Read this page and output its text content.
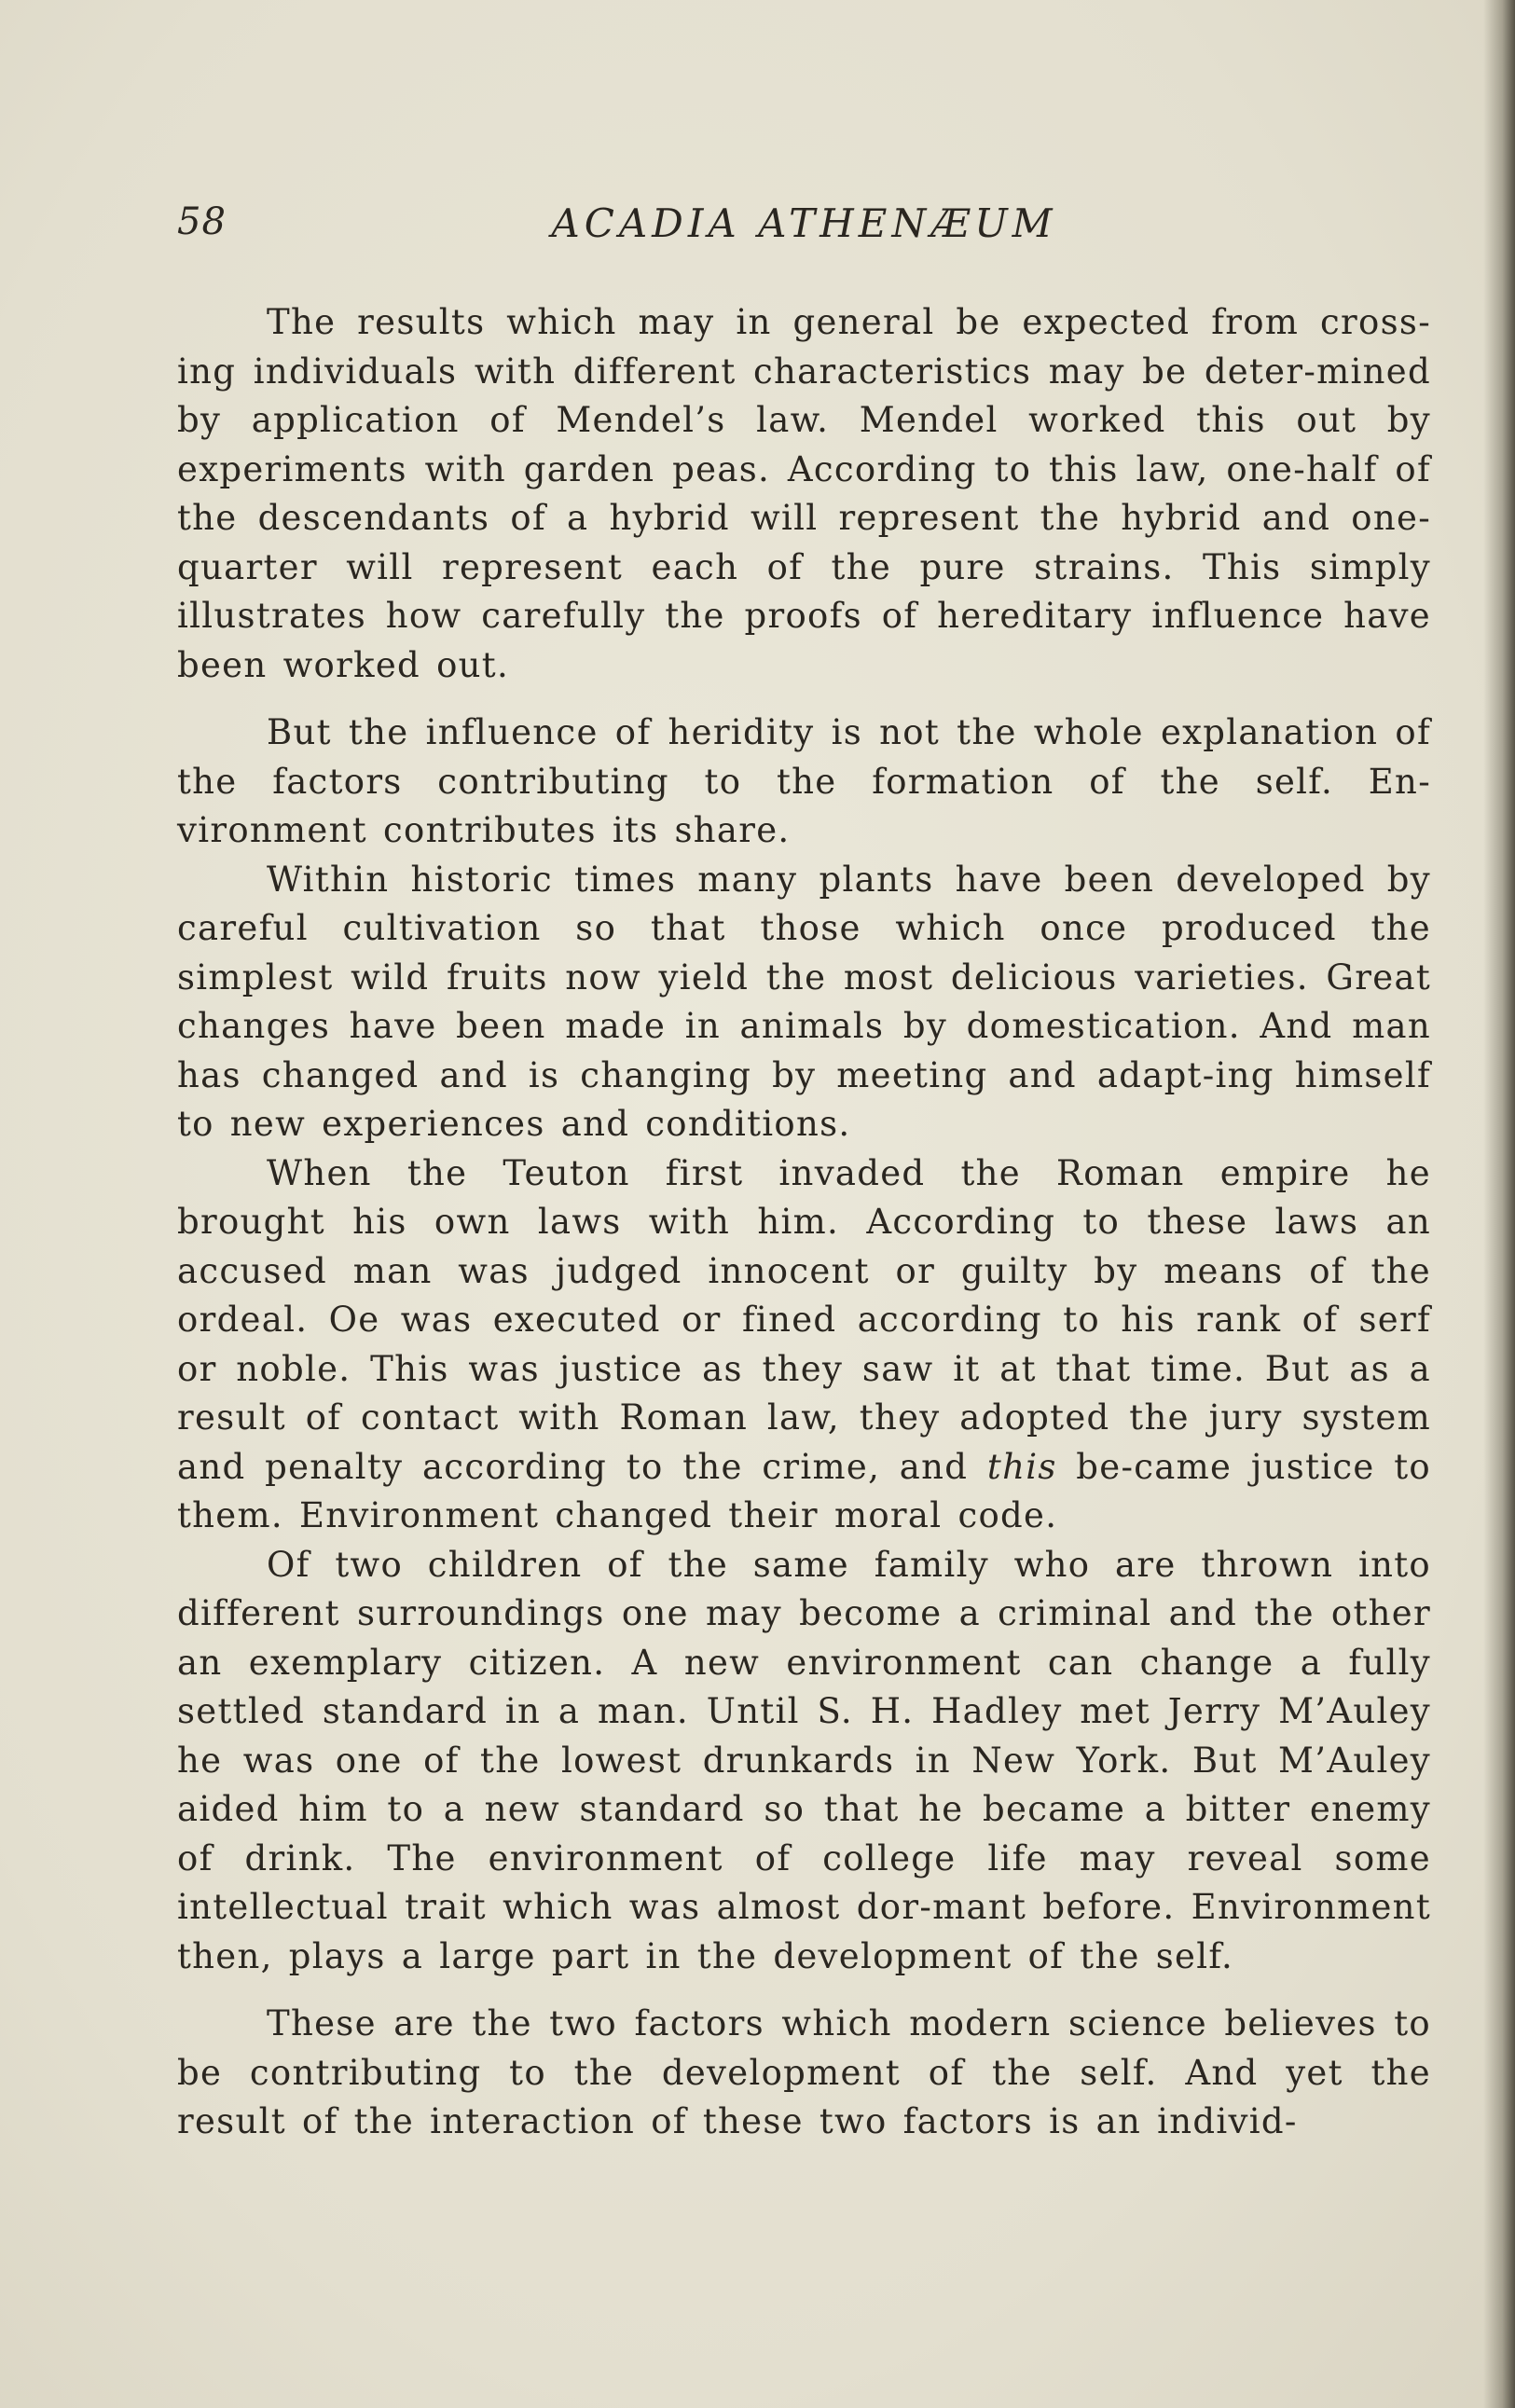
58	ACADIA ATHENÆUM

The results which may in general be expected from cross-ing individuals with different characteristics may be deter-mined by application of Mendel’s law. Mendel worked this out by experiments with garden peas. According to this law, one-half of the descendants of a hybrid will represent the hybrid and one-quarter will represent each of the pure strains. This simply illustrates how carefully the proofs of hereditary influence have been worked out.

But the influence of heridity is not the whole explanation of the factors contributing to the formation of the self. En-vironment contributes its share.

Within historic times many plants have been developed by careful cultivation so that those which once produced the simplest wild fruits now yield the most delicious varieties. Great changes have been made in animals by domestication. And man has changed and is changing by meeting and adapt-ing himself to new experiences and conditions.

When the Teuton first invaded the Roman empire he brought his own laws with him. According to these laws an accused man was judged innocent or guilty by means of the ordeal. Oe was executed or fined according to his rank of serf or noble. This was justice as they saw it at that time. But as a result of contact with Roman law, they adopted the jury system and penalty according to the crime, and this be-came justice to them. Environment changed their moral code.

Of two children of the same family who are thrown into different surroundings one may become a criminal and the other an exemplary citizen. A new environment can change a fully settled standard in a man. Until S. H. Hadley met Jerry M’Auley he was one of the lowest drunkards in New York. But M’Auley aided him to a new standard so that he became a bitter enemy of drink. The environment of college life may reveal some intellectual trait which was almost dor-mant before. Environment then, plays a large part in the development of the self.

These are the two factors which modern science believes to be contributing to the development of the self. And yet the result of the interaction of these two factors is an individ-
